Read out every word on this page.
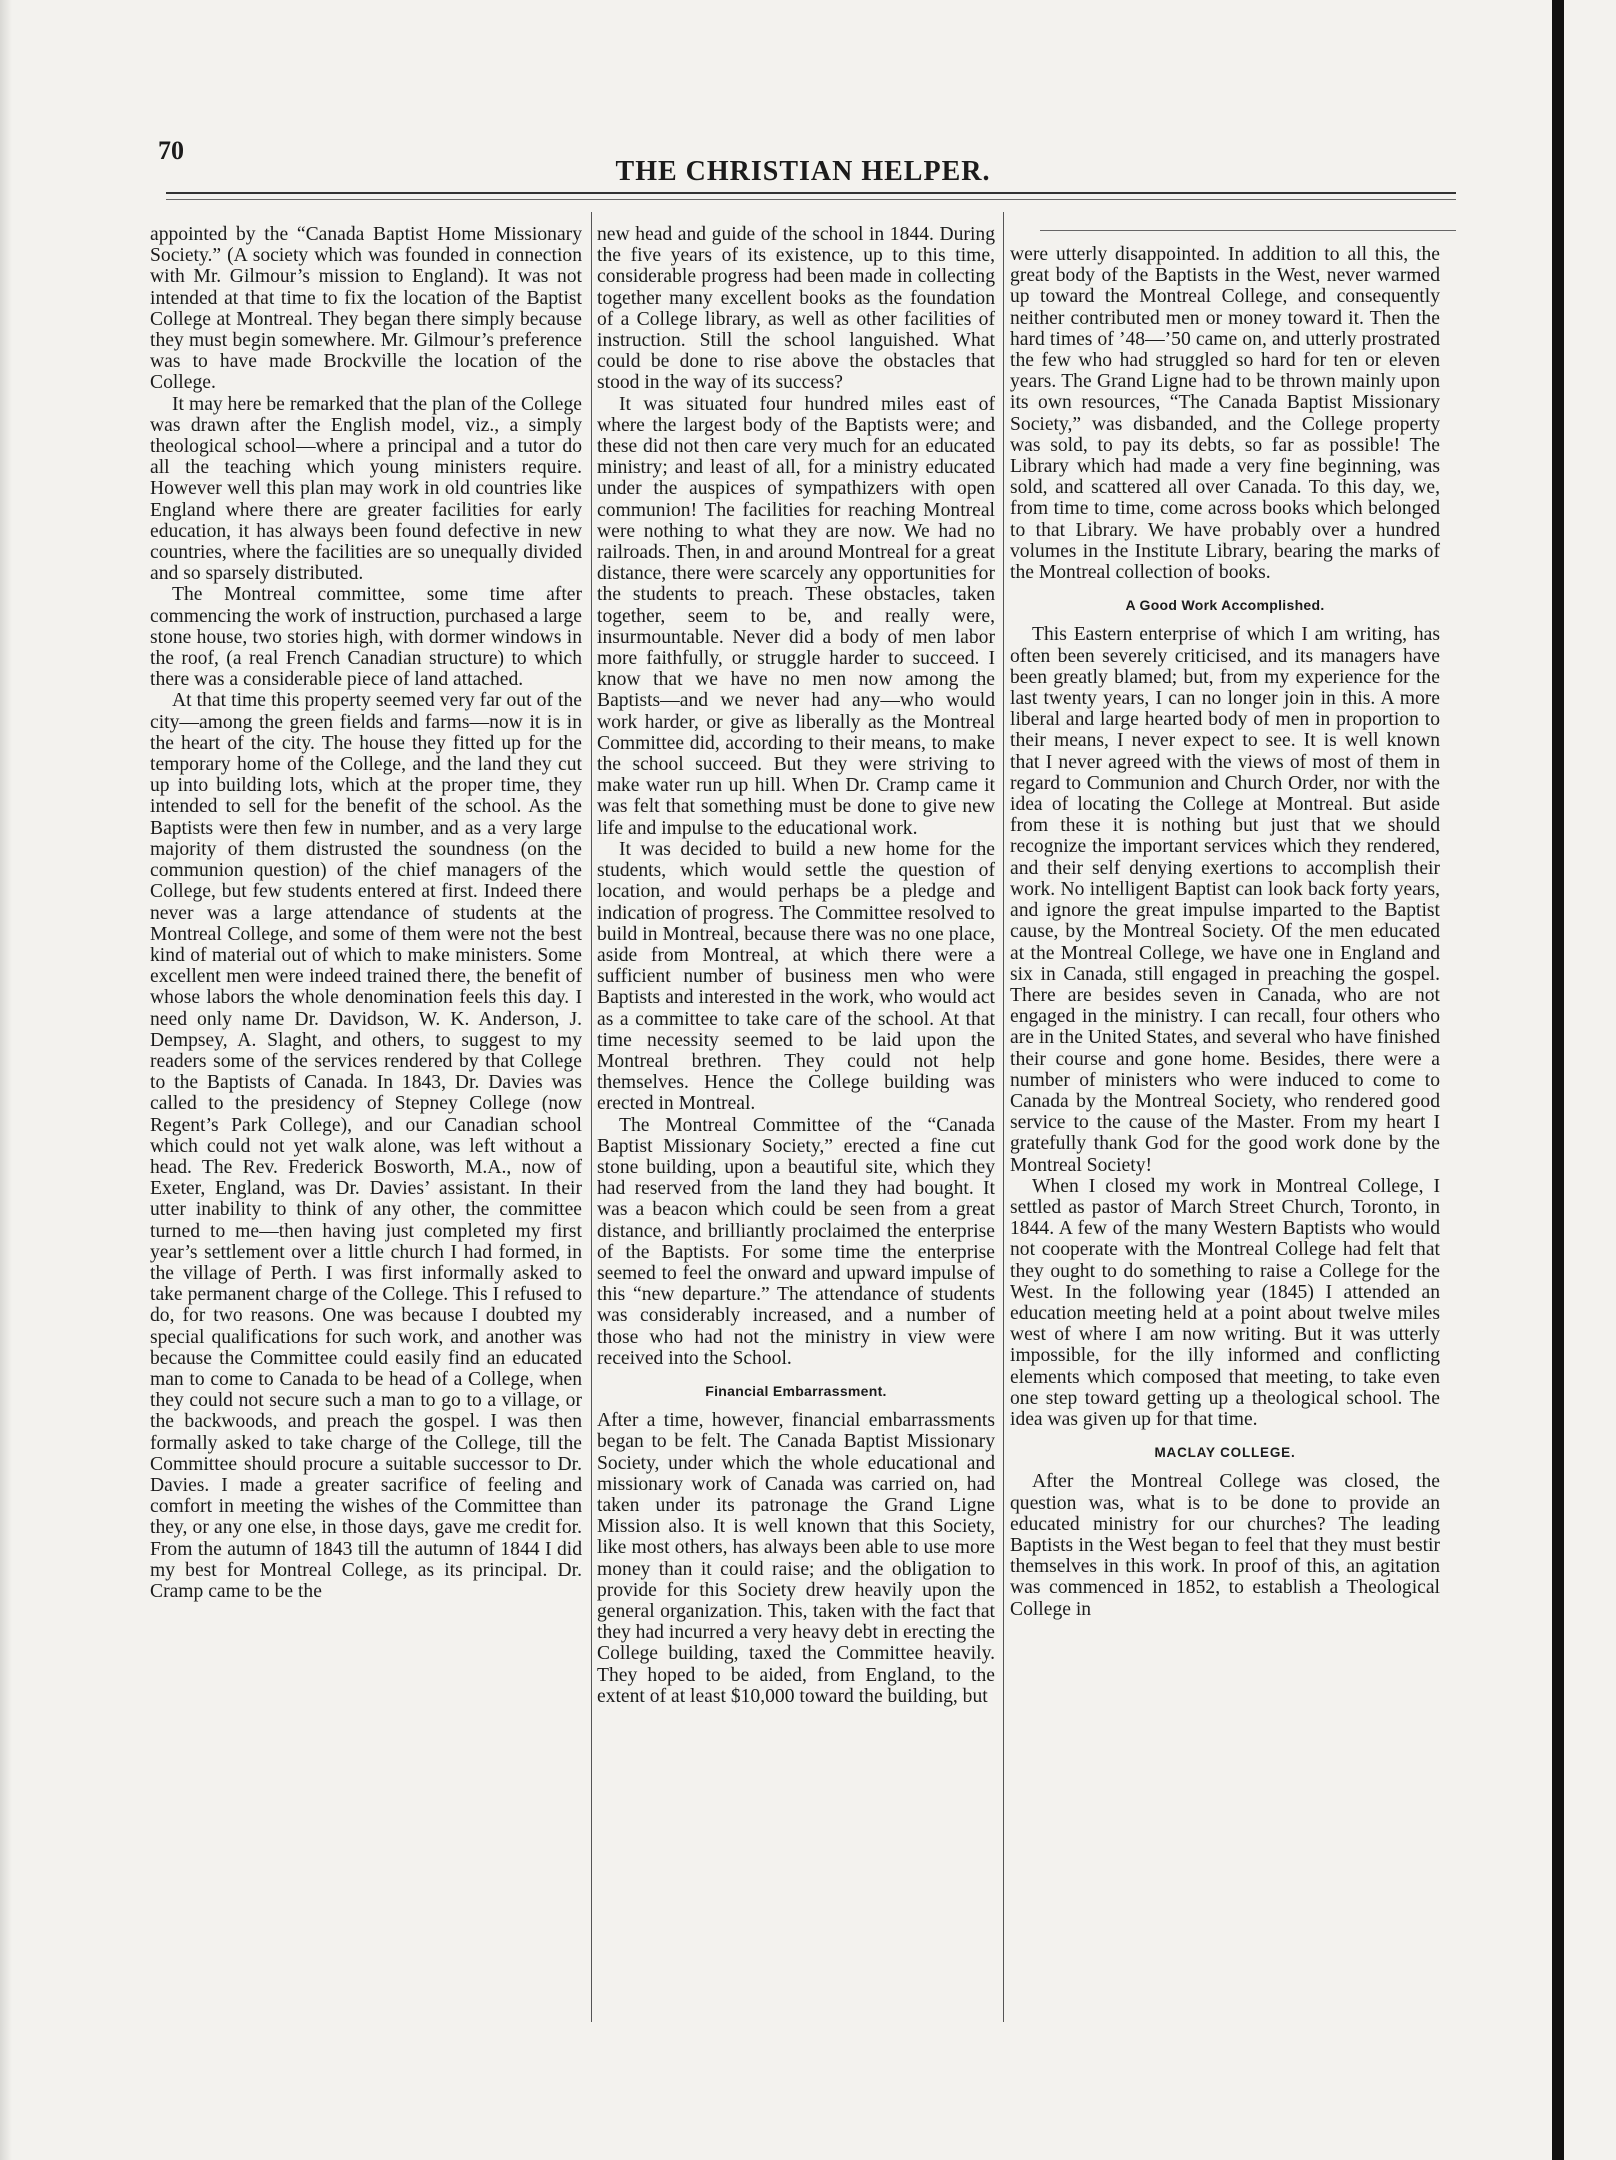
70
THE CHRISTIAN HELPER.

appointed by the “Canada Baptist Home Missionary Society.” (A society which was founded in connection with Mr. Gilmour’s mission to England). It was not intended at that time to fix the location of the Baptist College at Montreal. They began there simply because they must begin somewhere. Mr. Gilmour’s preference was to have made Brockville the location of the College.

It may here be remarked that the plan of the College was drawn after the English model, viz., a simply theological school—where a principal and a tutor do all the teaching which young ministers require. However well this plan may work in old countries like England where there are greater facilities for early education, it has always been found defective in new countries, where the facilities are so unequally divided and so sparsely distributed.

The Montreal committee, some time after commencing the work of instruction, purchased a large stone house, two stories high, with dormer windows in the roof, (a real French Canadian structure) to which there was a considerable piece of land attached.

At that time this property seemed very far out of the city—among the green fields and farms—now it is in the heart of the city. The house they fitted up for the temporary home of the College, and the land they cut up into building lots, which at the proper time, they intended to sell for the benefit of the school. As the Baptists were then few in number, and as a very large majority of them distrusted the soundness (on the communion question) of the chief managers of the College, but few students entered at first. Indeed there never was a large attendance of students at the Montreal College, and some of them were not the best kind of material out of which to make ministers. Some excellent men were indeed trained there, the benefit of whose labors the whole denomination feels this day. I need only name Dr. Davidson, W. K. Anderson, J. Dempsey, A. Slaght, and others, to suggest to my readers some of the services rendered by that College to the Baptists of Canada. In 1843, Dr. Davies was called to the presidency of Stepney College (now Regent’s Park College), and our Canadian school which could not yet walk alone, was left without a head. The Rev. Frederick Bosworth, M.A., now of Exeter, England, was Dr. Davies’ assistant. In their utter inability to think of any other, the committee turned to me—then having just completed my first year’s settlement over a little church I had formed, in the village of Perth. I was first informally asked to take permanent charge of the College. This I refused to do, for two reasons. One was because I doubted my special qualifications for such work, and another was because the Committee could easily find an educated man to come to Canada to be head of a College, when they could not secure such a man to go to a village, or the backwoods, and preach the gospel. I was then formally asked to take charge of the College, till the Committee should procure a suitable successor to Dr. Davies. I made a greater sacrifice of feeling and comfort in meeting the wishes of the Committee than they, or any one else, in those days, gave me credit for. From the autumn of 1843 till the autumn of 1844 I did my best for Montreal College, as its principal. Dr. Cramp came to be the

new head and guide of the school in 1844. During the five years of its existence, up to this time, considerable progress had been made in collecting together many excellent books as the foundation of a College library, as well as other facilities of instruction. Still the school languished. What could be done to rise above the obstacles that stood in the way of its success?

It was situated four hundred miles east of where the largest body of the Baptists were; and these did not then care very much for an educated ministry; and least of all, for a ministry educated under the auspices of sympathizers with open communion! The facilities for reaching Montreal were nothing to what they are now. We had no railroads. Then, in and around Montreal for a great distance, there were scarcely any opportunities for the students to preach. These obstacles, taken together, seem to be, and really were, insurmountable. Never did a body of men labor more faithfully, or struggle harder to succeed. I know that we have no men now among the Baptists—and we never had any—who would work harder, or give as liberally as the Montreal Committee did, according to their means, to make the school succeed. But they were striving to make water run up hill. When Dr. Cramp came it was felt that something must be done to give new life and impulse to the educational work.

It was decided to build a new home for the students, which would settle the question of location, and would perhaps be a pledge and indication of progress. The Committee resolved to build in Montreal, because there was no one place, aside from Montreal, at which there were a sufficient number of business men who were Baptists and interested in the work, who would act as a committee to take care of the school. At that time necessity seemed to be laid upon the Montreal brethren. They could not help themselves. Hence the College building was erected in Montreal.

The Montreal Committee of the “Canada Baptist Missionary Society,” erected a fine cut stone building, upon a beautiful site, which they had reserved from the land they had bought. It was a beacon which could be seen from a great distance, and brilliantly proclaimed the enterprise of the Baptists. For some time the enterprise seemed to feel the onward and upward impulse of this “new departure.” The attendance of students was considerably increased, and a number of those who had not the ministry in view were received into the School.

Financial Embarrassment.

After a time, however, financial embarrassments began to be felt. The Canada Baptist Missionary Society, under which the whole educational and missionary work of Canada was carried on, had taken under its patronage the Grand Ligne Mission also. It is well known that this Society, like most others, has always been able to use more money than it could raise; and the obligation to provide for this Society drew heavily upon the general organization. This, taken with the fact that they had incurred a very heavy debt in erecting the College building, taxed the Committee heavily. They hoped to be aided, from England, to the extent of at least $10,000 toward the building, but

were utterly disappointed. In addition to all this, the great body of the Baptists in the West, never warmed up toward the Montreal College, and consequently neither contributed men or money toward it. Then the hard times of ’48—’50 came on, and utterly prostrated the few who had struggled so hard for ten or eleven years. The Grand Ligne had to be thrown mainly upon its own resources, “The Canada Baptist Missionary Society,” was disbanded, and the College property was sold, to pay its debts, so far as possible! The Library which had made a very fine beginning, was sold, and scattered all over Canada. To this day, we, from time to time, come across books which belonged to that Library. We have probably over a hundred volumes in the Institute Library, bearing the marks of the Montreal collection of books.

A Good Work Accomplished.

This Eastern enterprise of which I am writing, has often been severely criticised, and its managers have been greatly blamed; but, from my experience for the last twenty years, I can no longer join in this. A more liberal and large hearted body of men in proportion to their means, I never expect to see. It is well known that I never agreed with the views of most of them in regard to Communion and Church Order, nor with the idea of locating the College at Montreal. But aside from these it is nothing but just that we should recognize the important services which they rendered, and their self denying exertions to accomplish their work. No intelligent Baptist can look back forty years, and ignore the great impulse imparted to the Baptist cause, by the Montreal Society. Of the men educated at the Montreal College, we have one in England and six in Canada, still engaged in preaching the gospel. There are besides seven in Canada, who are not engaged in the ministry. I can recall, four others who are in the United States, and several who have finished their course and gone home. Besides, there were a number of ministers who were induced to come to Canada by the Montreal Society, who rendered good service to the cause of the Master. From my heart I gratefully thank God for the good work done by the Montreal Society!

When I closed my work in Montreal College, I settled as pastor of March Street Church, Toronto, in 1844. A few of the many Western Baptists who would not cooperate with the Montreal College had felt that they ought to do something to raise a College for the West. In the following year (1845) I attended an education meeting held at a point about twelve miles west of where I am now writing. But it was utterly impossible, for the illy informed and conflicting elements which composed that meeting, to take even one step toward getting up a theological school. The idea was given up for that time.

MACLAY COLLEGE.

After the Montreal College was closed, the question was, what is to be done to provide an educated ministry for our churches? The leading Baptists in the West began to feel that they must bestir themselves in this work. In proof of this, an agitation was commenced in 1852, to establish a Theological College in
